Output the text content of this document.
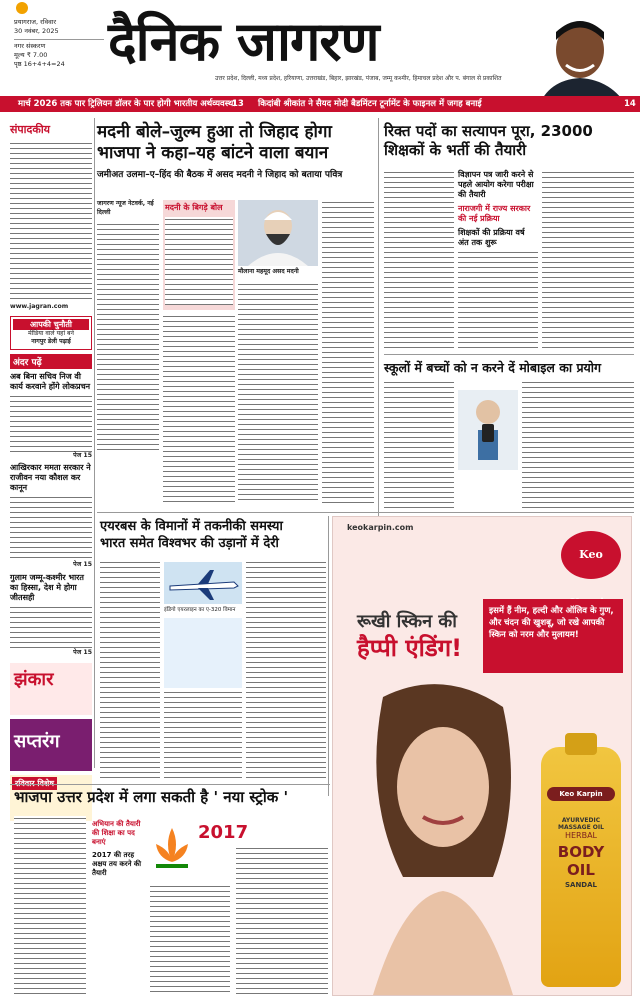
प्रयागराज, रविवार
30 नवंबर, 2025
नगर संस्करण
मूल्य ₹ 7.00
पृष्ठ 16+4+4=24 दैनिक जागरण
उत्तर प्रदेश, दिल्ली, मध्य प्रदेश, हरियाणा, उत्तराखंड, बिहार, झारखंड, पंजाब, जम्मू कश्मीर, हिमाचल प्रदेश और प. बंगाल से प्रकाशित
मार्च 2026 तक पार ट्रिलियन डॉलर के पार होगी भारतीय अर्थव्यवस्था
13 किदांबी श्रीकांत ने सैयद मोदी बैडमिंटन टूर्नामेंट के फाइनल में जगह बनाई	14
संपादकीय
www.jagran.com
आपकी चुनौती
मीडिया वाले यहां बने
नागपुर डेली पढ़ाई
अंदर पढ़ें
अब बिना सचिव निज वी कार्य करवाने होंगे लोकप्रचन
पेज 15
आखिरकार ममता सरकार ने राजीवन नया कौशल कर कानून
पेज 15
गुलाम जम्मू-कश्मीर भारत का हिस्सा, देश मे होगा जीतसही
पेज 15
झंकार
सप्तरंग
मदनी बोले–जुल्म हुआ तो जिहाद होगा
भाजपा ने कहा–यह बांटने वाला बयान
जमीअत उलमा–ए–हिंद की बैठक में असद मदनी ने जिहाद को बताया पवित्र
जागरण न्यूज नेटवर्क, नई दिल्ली	मदनी के बिगड़े बोल
मौलाना महमूद असद मदनी
रिक्त पदों का सत्यापन पूरा, 23000
शिक्षकों के भर्ती की तैयारी
विज्ञापन पत्र जारी करने से पहले आयोग करेगा परीक्षा की तैयारी
नाराजगी में राज्य सरकार की नई प्रक्रिया
शिक्षकों की प्रक्रिया वर्ष अंत तक शुरू
स्कूलों में बच्चों को न करने दें मोबाइल का प्रयोग
एयरबस के विमानों में तकनीकी समस्या
भारत समेत विश्वभर की उड़ानों में देरी
इंडिगो एयरलाइन का ए-320 विमान
भाजपा उत्तर प्रदेश में लगा सकती है ' नया स्ट्रोक '
अभियान की तैयारी की शिक्षा का पद बनाएं
2017 की तरह अक्षय तय करने की तैयारी
2017
keokarpin.com
Keo
रूखी स्किन की
हैप्पी एंडिंग!
इसमें हैं नीम, हल्दी और ऑलिव के गुण, और चंदन की खुशबू, जो रखे आपकी स्किन को नरम और मुलायम!
Keo Karpin
AYURVEDIC MASSAGE OIL
HERBAL
BODY OIL
SANDAL
